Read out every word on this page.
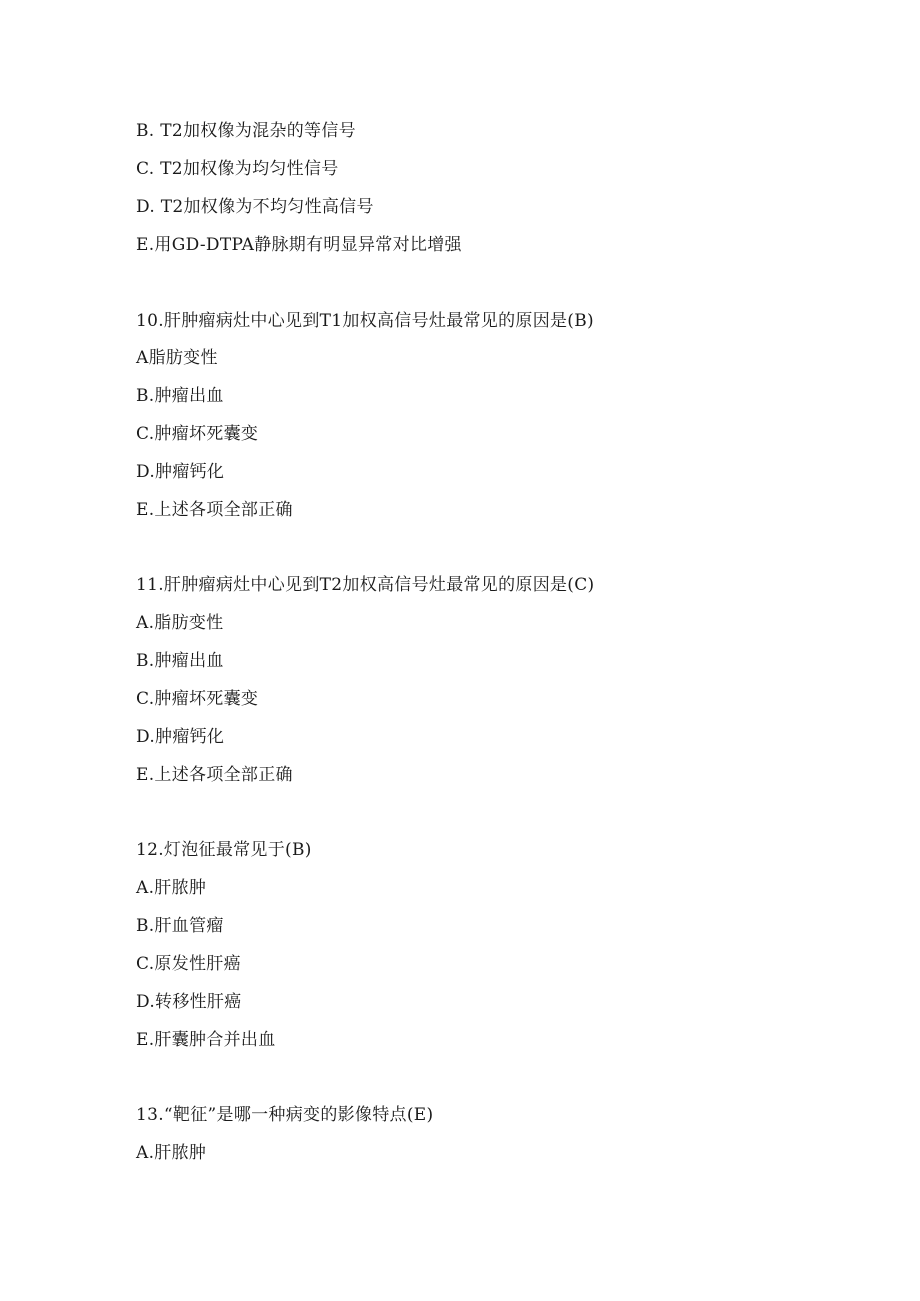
B. T2加权像为混杂的等信号
C. T2加权像为均匀性信号
D. T2加权像为不均匀性高信号
E.用GD-DTPA静脉期有明显异常对比增强
10.肝肿瘤病灶中心见到T1加权高信号灶最常见的原因是(B)
A脂肪变性
B.肿瘤出血
C.肿瘤坏死囊变
D.肿瘤钙化
E.上述各项全部正确
11.肝肿瘤病灶中心见到T2加权高信号灶最常见的原因是(C)
A.脂肪变性
B.肿瘤出血
C.肿瘤坏死囊变
D.肿瘤钙化
E.上述各项全部正确
12.灯泡征最常见于(B)
A.肝脓肿
B.肝血管瘤
C.原发性肝癌
D.转移性肝癌
E.肝囊肿合并出血
13.“靶征”是哪一种病变的影像特点(E)
A.肝脓肿
